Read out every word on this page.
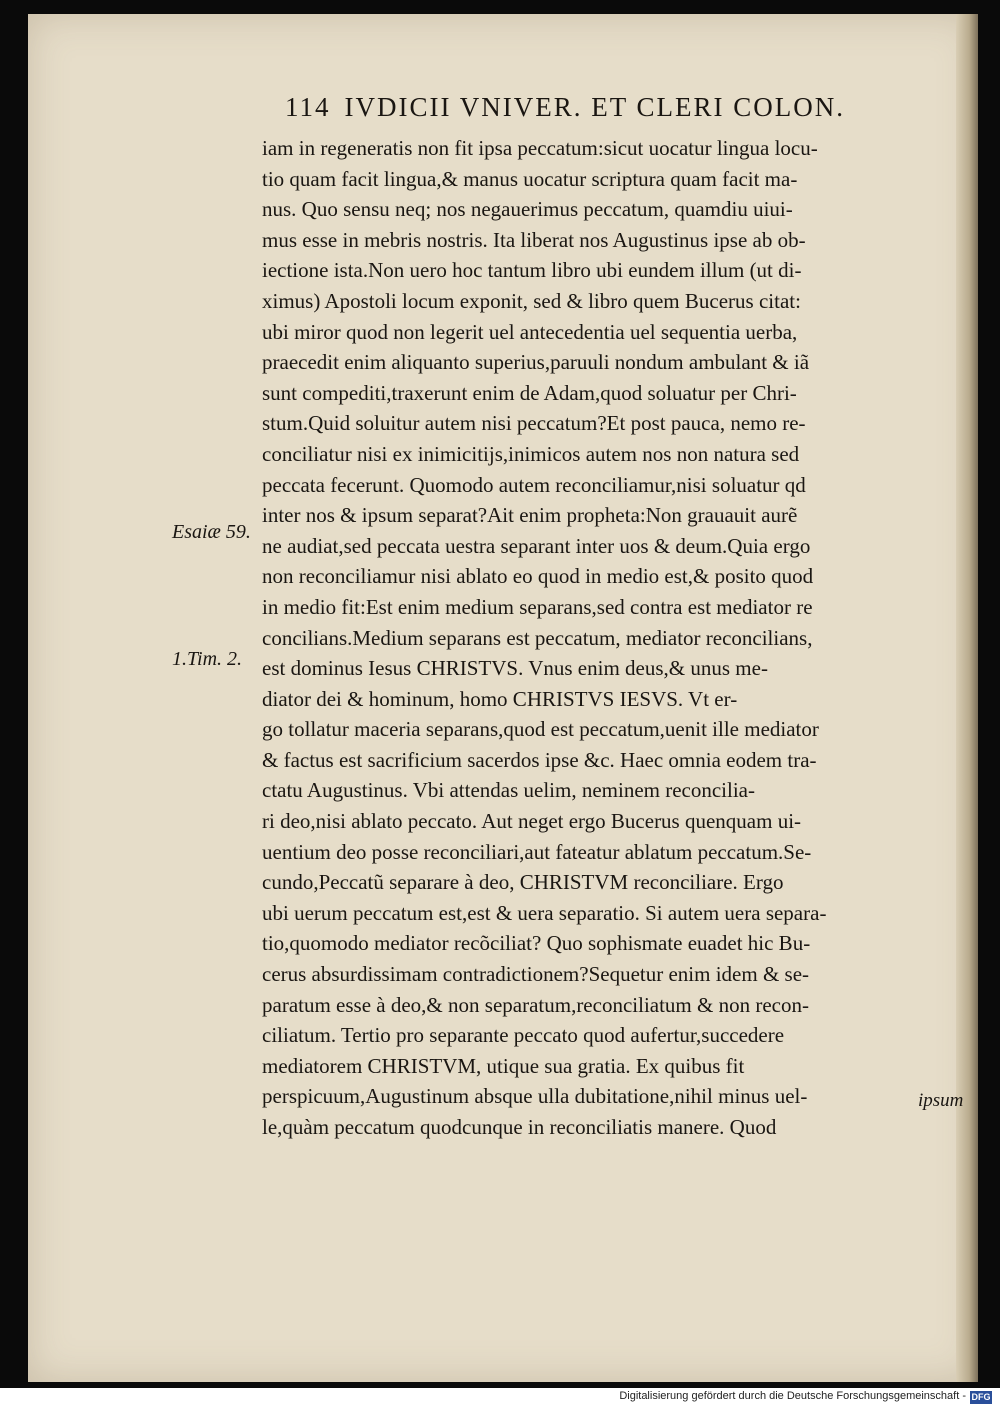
114 IVDICII VNIVER. ET CLERI COLON.
Esaiæ 59.
1.Tim. 2.
iam in regeneratis non fit ipsa peccatum:sicut uocatur lingua locu-
tio quam facit lingua,& manus uocatur scriptura quam facit ma-
nus. Quo sensu neq; nos negauerimus peccatum, quamdiu uiui-
mus esse in mebris nostris. Ita liberat nos Augustinus ipse ab ob-
iectione ista.Non uero hoc tantum libro ubi eundem illum (ut di-
ximus) Apostoli locum exponit, sed & libro quem Bucerus citat:
ubi miror quod non legerit uel antecedentia uel sequentia uerba,
praecedit enim aliquanto superius,paruuli nondum ambulant & iã
sunt compediti,traxerunt enim de Adam,quod soluatur per Chri-
stum.Quid soluitur autem nisi peccatum?Et post pauca, nemo re-
conciliatur nisi ex inimicitijs,inimicos autem nos non natura sed
peccata fecerunt. Quomodo autem reconciliamur,nisi soluatur qd
inter nos & ipsum separat?Ait enim propheta:Non grauauit aurẽ
ne audiat,sed peccata uestra separant inter uos & deum.Quia ergo
non reconciliamur nisi ablato eo quod in medio est,& posito quod
in medio fit:Est enim medium separans,sed contra est mediator re
concilians.Medium separans est peccatum, mediator reconcilians,
est dominus Iesus CHRISTVS. Vnus enim deus,& unus me-
diator dei & hominum, homo CHRISTVS IESVS. Vt er-
go tollatur maceria separans,quod est peccatum,uenit ille mediator
& factus est sacrificium sacerdos ipse &c. Haec omnia eodem tra-
ctatu Augustinus. Vbi attendas uelim, neminem reconcilia-
ri deo,nisi ablato peccato. Aut neget ergo Bucerus quenquam ui-
uentium deo posse reconciliari,aut fateatur ablatum peccatum.Se-
cundo,Peccatũ separare à deo, CHRISTVM reconciliare. Ergo
ubi uerum peccatum est,est & uera separatio. Si autem uera separa-
tio,quomodo mediator recõciliat? Quo sophismate euadet hic Bu-
cerus absurdissimam contradictionem?Sequetur enim idem & se-
paratum esse à deo,& non separatum,reconciliatum & non recon-
ciliatum. Tertio pro separante peccato quod aufertur,succedere
mediatorem CHRISTVM, utique sua gratia. Ex quibus fit
perspicuum,Augustinum absque ulla dubitatione,nihil minus uel-
le,quàm peccatum quodcunque in reconciliatis manere. Quod
ipsum
Digitalisierung gefördert durch die Deutsche Forschungsgemeinschaft - DFG
